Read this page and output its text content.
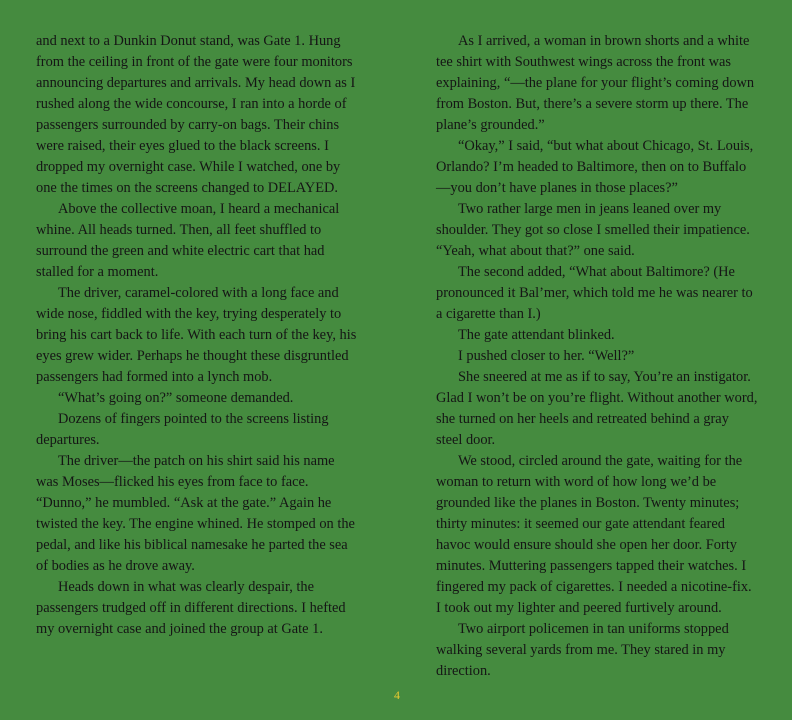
and next to a Dunkin Donut stand, was Gate 1. Hung from the ceiling in front of the gate were four monitors announcing departures and arrivals. My head down as I rushed along the wide concourse, I ran into a horde of passengers surrounded by carry-on bags. Their chins were raised, their eyes glued to the black screens. I dropped my overnight case. While I watched, one by one the times on the screens changed to DELAYED.

Above the collective moan, I heard a mechanical whine. All heads turned. Then, all feet shuffled to surround the green and white electric cart that had stalled for a moment.

The driver, caramel-colored with a long face and wide nose, fiddled with the key, trying desperately to bring his cart back to life. With each turn of the key, his eyes grew wider. Perhaps he thought these disgruntled passengers had formed into a lynch mob.

“What’s going on?” someone demanded.

Dozens of fingers pointed to the screens listing departures.

The driver—the patch on his shirt said his name was Moses—flicked his eyes from face to face. “Dunno,” he mumbled. “Ask at the gate.” Again he twisted the key. The engine whined. He stomped on the pedal, and like his biblical namesake he parted the sea of bodies as he drove away.

Heads down in what was clearly despair, the passengers trudged off in different directions. I hefted my overnight case and joined the group at Gate 1.

As I arrived, a woman in brown shorts and a white tee shirt with Southwest wings across the front was explaining, “—the plane for your flight’s coming down from Boston. But, there’s a severe storm up there. The plane’s grounded.”

“Okay,” I said, “but what about Chicago, St. Louis, Orlando? I’m headed to Baltimore, then on to Buffalo—you don’t have planes in those places?”

Two rather large men in jeans leaned over my shoulder. They got so close I smelled their impatience. “Yeah, what about that?” one said.

The second added, “What about Baltimore? (He pronounced it Bal’mer, which told me he was nearer to a cigarette than I.)

The gate attendant blinked.

I pushed closer to her. “Well?”

She sneered at me as if to say, You’re an instigator. Glad I won’t be on you’re flight. Without another word, she turned on her heels and retreated behind a gray steel door.

We stood, circled around the gate, waiting for the woman to return with word of how long we’d be grounded like the planes in Boston. Twenty minutes; thirty minutes: it seemed our gate attendant feared havoc would ensure should she open her door. Forty minutes. Muttering passengers tapped their watches. I fingered my pack of cigarettes. I needed a nicotine-fix. I took out my lighter and peered furtively around.

Two airport policemen in tan uniforms stopped walking several yards from me. They stared in my direction.

4
